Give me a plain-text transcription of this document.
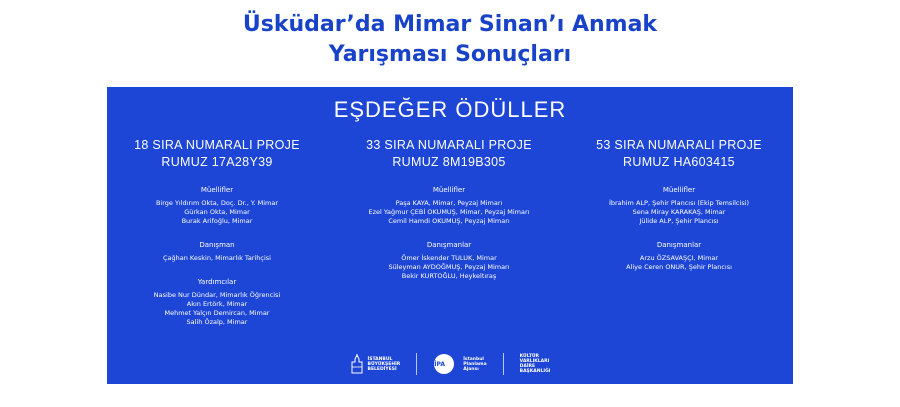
Üsküdar’da Mimar Sinan’ı Anmak
Yarışması Sonuçları
EŞDEĞER ÖDÜLLER
18 SIRA NUMARALI PROJE
RUMUZ 17A28Y39
Müellifler
Birge Yıldırım Okta, Doç. Dr., Y. Mimar
Gürkan Okta, Mimar
Burak Arifoğlu, Mimar
Danışman
Çağhan Keskin, Mimarlık Tarihçisi
Yardımcılar
Nasibe Nur Dündar, Mimarlık Öğrencisi
Akın Ertörk, Mimar
Mehmet Yalçın Demircan, Mimar
Salih Özalp, Mimar
33 SIRA NUMARALI PROJE
RUMUZ 8M19B305
Müellifler
Paşa KAYA, Mimar, Peyzaj Mimarı
Ezel Yağmur ÇEBİ OKUMUŞ, Mimar, Peyzaj Mimarı
Cemil Hamdi OKUMUŞ, Peyzaj Mimarı
Danışmanlar
Ömer İskender TULUK, Mimar
Süleyman AYDOĞMUŞ, Peyzaj Mimarı
Bekir KURTOĞLU, Heykeltıraş
53 SIRA NUMARALI PROJE
RUMUZ HA603415
Müellifler
İbrahim ALP, Şehir Plancısı (Ekip Temsilcisi)
Sena Miray KARAKAŞ, Mimar
Jülide ALP, Şehir Plancısı
Danışmanlar
Arzu ÖZSAVAŞÇI, Mimar
Aliye Ceren ONUR, Şehir Plancısı
İSTANBUL
BÜYÜKŞEHİR
BELEDİYESİ
İstanbul
Planlama
Ajansı
KÜLTÜR
VARLIKLARI
DAİRE
BAŞKANLIĞI
